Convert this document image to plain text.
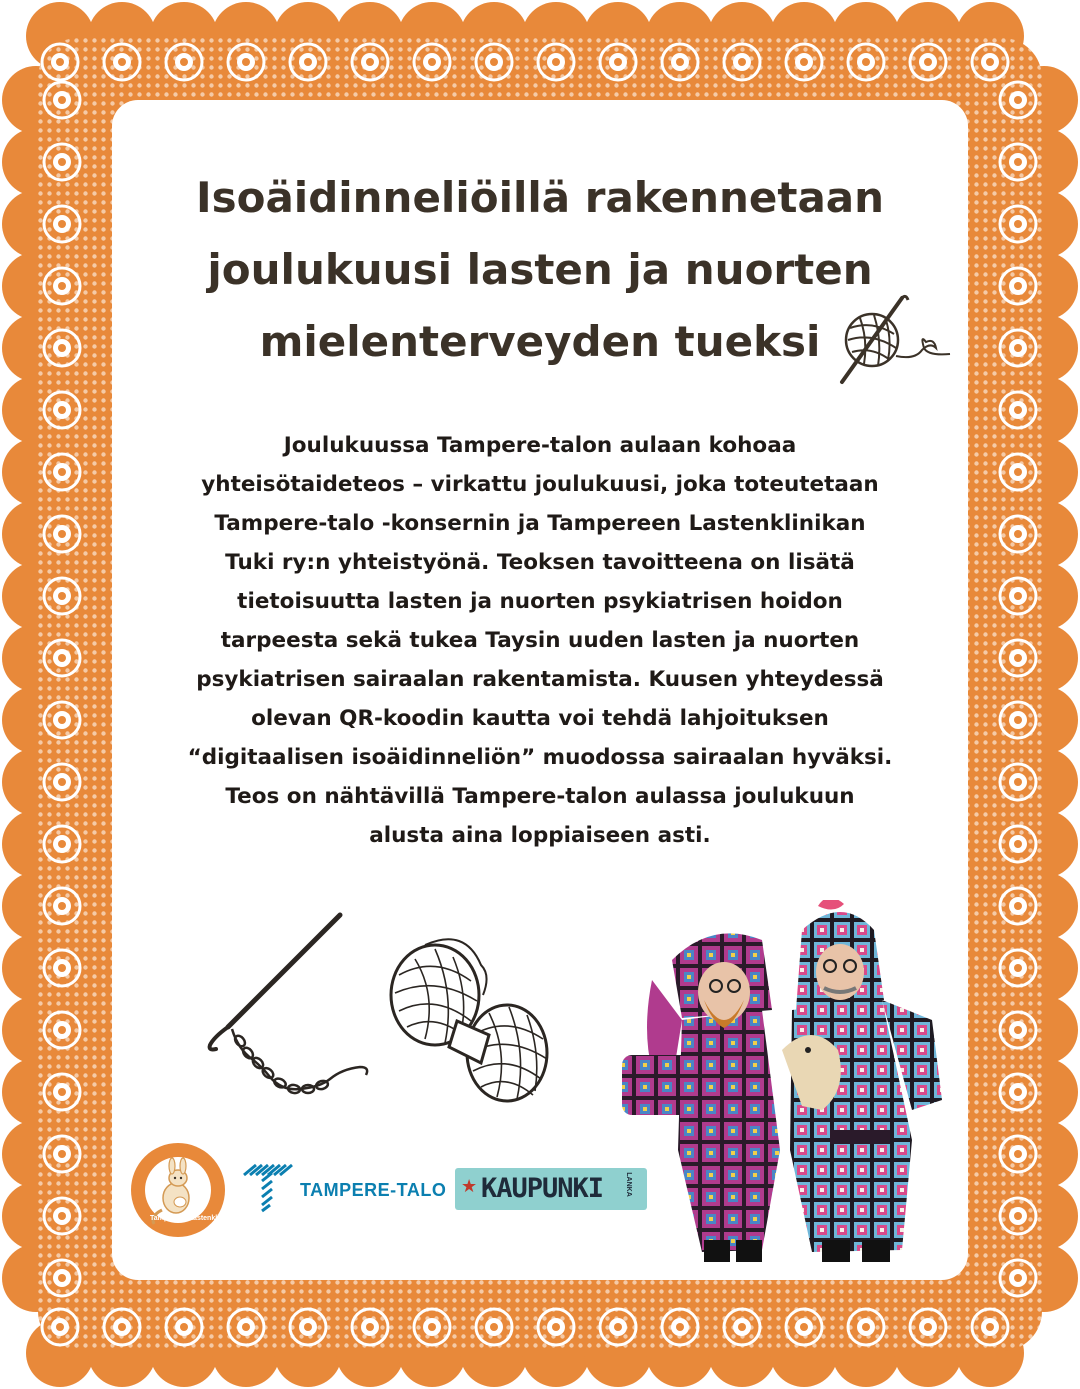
Isoäidinneliöillä rakennetaan
joulukuusi lasten ja nuorten
mielenterveyden tueksi

Joulukuussa Tampere-talon aulaan kohoaa
yhteisötaideteos – virkattu joulukuusi, joka toteutetaan
Tampere-talo -konsernin ja Tampereen Lastenklinikan
Tuki ry:n yhteistyönä. Teoksen tavoitteena on lisätä
tietoisuutta lasten ja nuorten psykiatrisen hoidon
tarpeesta sekä tukea Taysin uuden lasten ja nuorten
psykiatrisen sairaalan rakentamista. Kuusen yhteydessä
olevan QR-koodin kautta voi tehdä lahjoituksen
“digitaalisen isoäidinneliön” muodossa sairaalan hyväksi.
Teos on nähtävillä Tampere-talon aulassa joulukuun
alusta aina loppiaiseen asti.

Tampereen Lastenklinikan Tuki ry
TAMPERE-TALO ★ KAUPUNKI	LANKA
